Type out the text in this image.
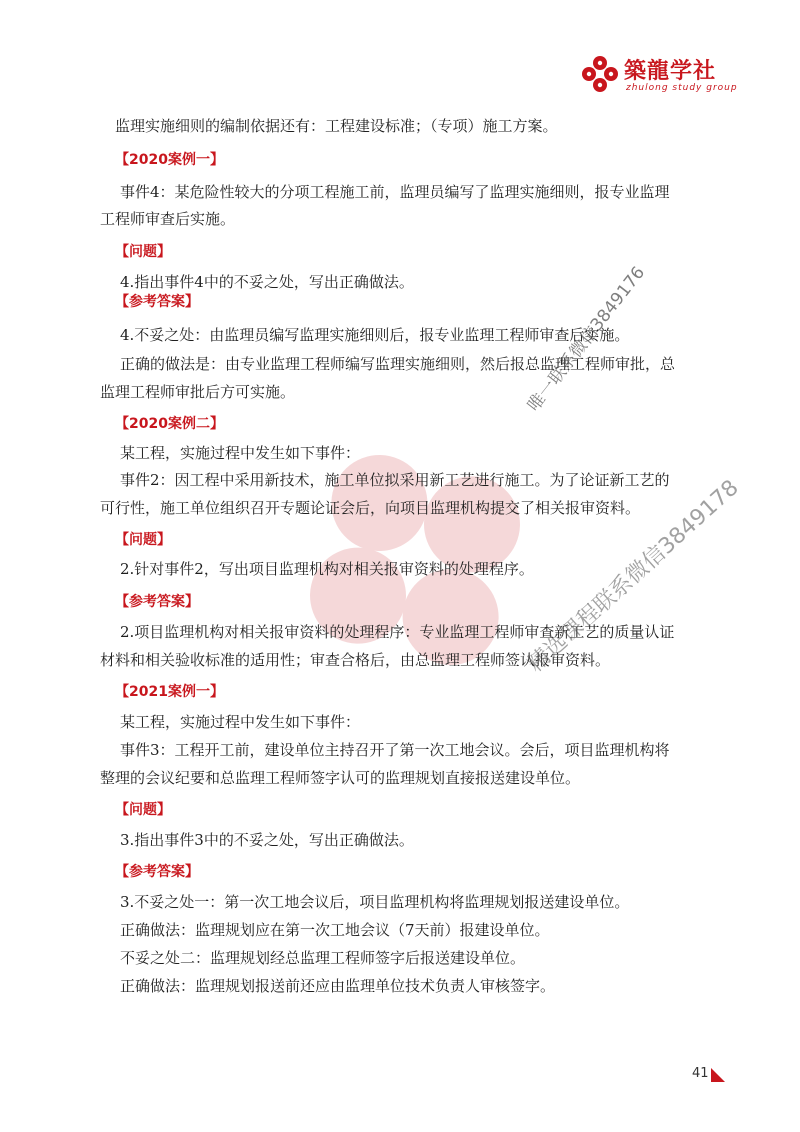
築龍学社
zhulong study group
监理实施细则的编制依据还有：工程建设标准；（专项）施工方案。
【2020案例一】
事件4：某危险性较大的分项工程施工前，监理员编写了监理实施细则，报专业监理
工程师审查后实施。
【问题】
4.指出事件4中的不妥之处，写出正确做法。
【参考答案】
4.不妥之处：由监理员编写监理实施细则后，报专业监理工程师审查后实施。
正确的做法是：由专业监理工程师编写监理实施细则，然后报总监理工程师审批，总
监理工程师审批后方可实施。
【2020案例二】
某工程，实施过程中发生如下事件：
事件2：因工程中采用新技术，施工单位拟采用新工艺进行施工。为了论证新工艺的
可行性，施工单位组织召开专题论证会后，向项目监理机构提交了相关报审资料。
【问题】
2.针对事件2，写出项目监理机构对相关报审资料的处理程序。
【参考答案】
2.项目监理机构对相关报审资料的处理程序：专业监理工程师审查新工艺的质量认证
材料和相关验收标准的适用性；审查合格后，由总监理工程师签认报审资料。
【2021案例一】
某工程，实施过程中发生如下事件：
事件3：工程开工前，建设单位主持召开了第一次工地会议。会后，项目监理机构将
整理的会议纪要和总监理工程师签字认可的监理规划直接报送建设单位。
【问题】
3.指出事件3中的不妥之处，写出正确做法。
【参考答案】
3.不妥之处一：第一次工地会议后，项目监理机构将监理规划报送建设单位。
正确做法：监理规划应在第一次工地会议（7天前）报建设单位。
不妥之处二：监理规划经总监理工程师签字后报送建设单位。
正确做法：监理规划报送前还应由监理单位技术负责人审核签字。
唯一联系微信3849176
精选课程联系微信3849178
41
